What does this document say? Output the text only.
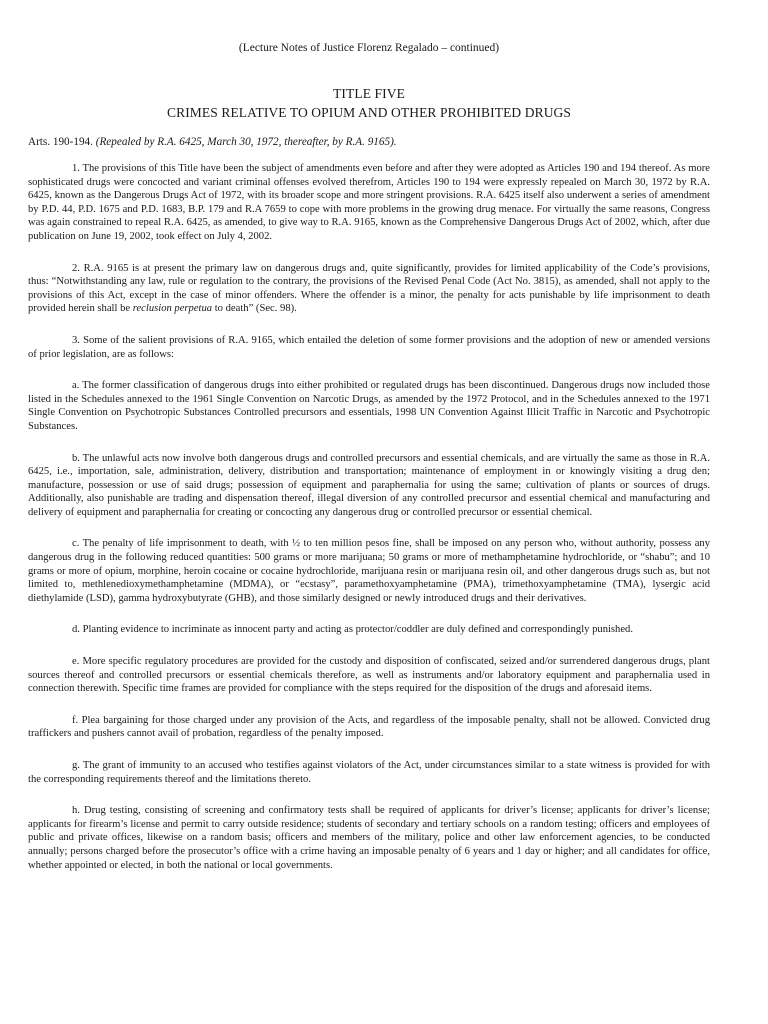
(Lecture Notes of Justice Florenz Regalado – continued)
TITLE FIVE
CRIMES RELATIVE TO OPIUM AND OTHER PROHIBITED DRUGS
Arts. 190-194. (Repealed by R.A. 6425, March 30, 1972, thereafter, by R.A. 9165).

1. The provisions of this Title have been the subject of amendments even before and after they were adopted as Articles 190 and 194 thereof. As more sophisticated drugs were concocted and variant criminal offenses evolved therefrom, Articles 190 to 194 were expressly repealed on March 30, 1972 by R.A. 6425, known as the Dangerous Drugs Act of 1972, with its broader scope and more stringent provisions. R.A. 6425 itself also underwent a series of amendment by P.D. 44, P.D. 1675 and P.D. 1683, B.P. 179 and R.A 7659 to cope with more problems in the growing drug menace. For virtually the same reasons, Congress was again constrained to repeal R.A. 6425, as amended, to give way to R.A. 9165, known as the Comprehensive Dangerous Drugs Act of 2002, which, after due publication on June 19, 2002, took effect on July 4, 2002.

2. R.A. 9165 is at present the primary law on dangerous drugs and, quite significantly, provides for limited applicability of the Code’s provisions, thus: “Notwithstanding any law, rule or regulation to the contrary, the provisions of the Revised Penal Code (Act No. 3815), as amended, shall not apply to the provisions of this Act, except in the case of minor offenders. Where the offender is a minor, the penalty for acts punishable by life imprisonment to death provided herein shall be reclusion perpetua to death” (Sec. 98).

3. Some of the salient provisions of R.A. 9165, which entailed the deletion of some former provisions and the adoption of new or amended versions of prior legislation, are as follows:

a. The former classification of dangerous drugs into either prohibited or regulated drugs has been discontinued. Dangerous drugs now included those listed in the Schedules annexed to the 1961 Single Convention on Narcotic Drugs, as amended by the 1972 Protocol, and in the Schedules annexed to the 1971 Single Convention on Psychotropic Substances Controlled precursors and essentials, 1998 UN Convention Against Illicit Traffic in Narcotic and Psychotropic Substances.

b. The unlawful acts now involve both dangerous drugs and controlled precursors and essential chemicals, and are virtually the same as those in R.A. 6425, i.e., importation, sale, administration, delivery, distribution and transportation; maintenance of employment in or knowingly visiting a drug den; manufacture, possession or use of said drugs; possession of equipment and paraphernalia for using the same; cultivation of plants or sources of drugs. Additionally, also punishable are trading and dispensation thereof, illegal diversion of any controlled precursor and essential chemical and manufacturing and delivery of equipment and paraphernalia for creating or concocting any dangerous drug or controlled precursor or essential chemical.

c. The penalty of life imprisonment to death, with ½ to ten million pesos fine, shall be imposed on any person who, without authority, possess any dangerous drug in the following reduced quantities: 500 grams or more marijuana; 50 grams or more of methamphetamine hydrochloride, or “shabu”; and 10 grams or more of opium, morphine, heroin cocaine or cocaine hydrochloride, marijuana resin or marijuana resin oil, and other dangerous drugs such as, but not limited to, methlenedioxymethamphetamine (MDMA), or “ecstasy”, paramethoxyamphetamine (PMA), trimethoxyamphetamine (TMA), lysergic acid diethylamide (LSD), gamma hydroxybutyrate (GHB), and those similarly designed or newly introduced drugs and their derivatives.

d. Planting evidence to incriminate as innocent party and acting as protector/coddler are duly defined and correspondingly punished.

e. More specific regulatory procedures are provided for the custody and disposition of confiscated, seized and/or surrendered dangerous drugs, plant sources thereof and controlled precursors or essential chemicals therefore, as well as instruments and/or laboratory equipment and paraphernalia used in connection therewith. Specific time frames are provided for compliance with the steps required for the disposition of the drugs and aforesaid items.

f. Plea bargaining for those charged under any provision of the Acts, and regardless of the imposable penalty, shall not be allowed. Convicted drug traffickers and pushers cannot avail of probation, regardless of the penalty imposed.

g. The grant of immunity to an accused who testifies against violators of the Act, under circumstances similar to a state witness is provided for with the corresponding requirements thereof and the limitations thereto.

h. Drug testing, consisting of screening and confirmatory tests shall be required of applicants for driver’s license; applicants for driver’s license; applicants for firearm’s license and permit to carry outside residence; students of secondary and tertiary schools on a random testing; officers and employees of public and private offices, likewise on a random basis; officers and members of the military, police and other law enforcement agencies, to be conducted annually; persons charged before the prosecutor’s office with a crime having an imposable penalty of 6 years and 1 day or higher; and all candidates for office, whether appointed or elected, in both the national or local governments.
